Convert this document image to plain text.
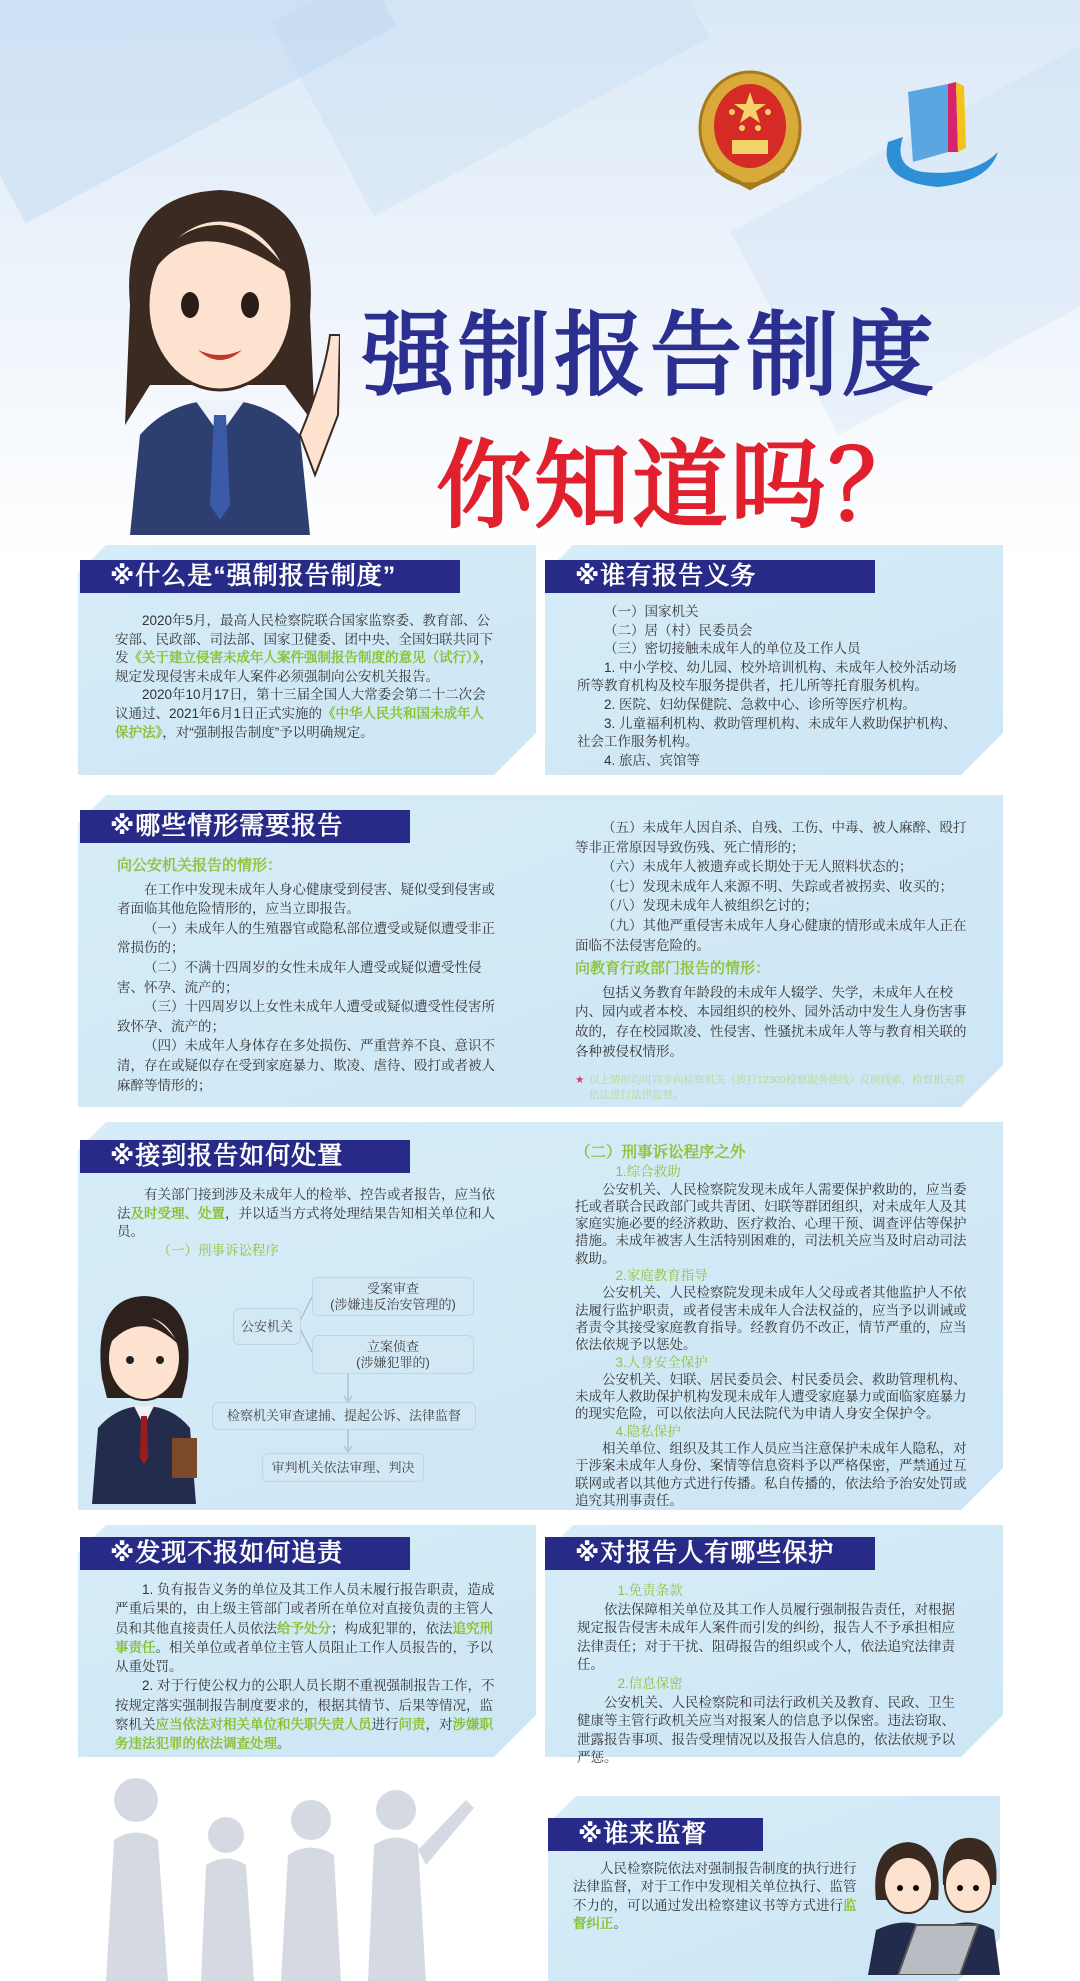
强制报告制度
你知道吗？
※什么是“强制报告制度”

2020年5月，最高人民检察院联合国家监察委、教育部、公安部、民政部、司法部、国家卫健委、团中央、全国妇联共同下发《关于建立侵害未成年人案件强制报告制度的意见（试行）》，规定发现侵害未成年人案件必须强制向公安机关报告。

2020年10月17日，第十三届全国人大常委会第二十二次会议通过、2021年6月1日正式实施的《中华人民共和国未成年人保护法》，对“强制报告制度”予以明确规定。

※谁有报告义务

（一）国家机关

（二）居（村）民委员会

（三）密切接触未成年人的单位及工作人员

1. 中小学校、幼儿园、校外培训机构、未成年人校外活动场所等教育机构及校车服务提供者，托儿所等托育服务机构。

2. 医院、妇幼保健院、急救中心、诊所等医疗机构。

3. 儿童福利机构、救助管理机构、未成年人救助保护机构、社会工作服务机构。

4. 旅店、宾馆等

※哪些情形需要报告

向公安机关报告的情形：

在工作中发现未成年人身心健康受到侵害、疑似受到侵害或者面临其他危险情形的，应当立即报告。

（一）未成年人的生殖器官或隐私部位遭受或疑似遭受非正常损伤的；

（二）不满十四周岁的女性未成年人遭受或疑似遭受性侵害、怀孕、流产的；

（三）十四周岁以上女性未成年人遭受或疑似遭受性侵害所致怀孕、流产的；

（四）未成年人身体存在多处损伤、严重营养不良、意识不清，存在或疑似存在受到家庭暴力、欺凌、虐待、殴打或者被人麻醉等情形的；

（五）未成年人因自杀、自残、工伤、中毒、被人麻醉、殴打等非正常原因导致伤残、死亡情形的；

（六）未成年人被遗弃或长期处于无人照料状态的；

（七）发现未成年人来源不明、失踪或者被拐卖、收买的；

（八）发现未成年人被组织乞讨的；

（九）其他严重侵害未成年人身心健康的情形或未成年人正在面临不法侵害危险的。

向教育行政部门报告的情形：

包括义务教育年龄段的未成年人辍学、失学，未成年人在校内、园内或者本校、本园组织的校外、园外活动中发生人身伤害事故的，存在校园欺凌、性侵害、性骚扰未成年人等与教育相关联的各种被侵权情形。

★ 以上情形均可同步向检察机关（拨打12309检察服务热线）反映线索，检察机关将依法进行法律监督。

※接到报告如何处置

有关部门接到涉及未成年人的检举、控告或者报告，应当依法及时受理、处置，并以适当方式将处理结果告知相关单位和人员。

（一）刑事诉讼程序

公安机关
受案审查
(涉嫌违反治安管理的)
立案侦查
(涉嫌犯罪的)
检察机关审查逮捕、提起公诉、法律监督
审判机关依法审理、判决

（二）刑事诉讼程序之外

1.综合救助

公安机关、人民检察院发现未成年人需要保护救助的，应当委托或者联合民政部门或共青团、妇联等群团组织，对未成年人及其家庭实施必要的经济救助、医疗救治、心理干预、调查评估等保护措施。未成年被害人生活特别困难的，司法机关应当及时启动司法救助。

2.家庭教育指导

公安机关、人民检察院发现未成年人父母或者其他监护人不依法履行监护职责，或者侵害未成年人合法权益的，应当予以训诫或者责令其接受家庭教育指导。经教育仍不改正，情节严重的，应当依法依规予以惩处。

3.人身安全保护

公安机关、妇联、居民委员会、村民委员会、救助管理机构、未成年人救助保护机构发现未成年人遭受家庭暴力或面临家庭暴力的现实危险，可以依法向人民法院代为申请人身安全保护令。

4.隐私保护

相关单位、组织及其工作人员应当注意保护未成年人隐私，对于涉案未成年人身份、案情等信息资料予以严格保密，严禁通过互联网或者以其他方式进行传播。私自传播的，依法给予治安处罚或追究其刑事责任。

※发现不报如何追责

1. 负有报告义务的单位及其工作人员未履行报告职责，造成严重后果的，由上级主管部门或者所在单位对直接负责的主管人员和其他直接责任人员依法给予处分；构成犯罪的，依法追究刑事责任。相关单位或者单位主管人员阻止工作人员报告的，予以从重处罚。

2. 对于行使公权力的公职人员长期不重视强制报告工作，不按规定落实强制报告制度要求的，根据其情节、后果等情况，监察机关应当依法对相关单位和失职失责人员进行问责，对涉嫌职务违法犯罪的依法调查处理。

※对报告人有哪些保护

1.免责条款

依法保障相关单位及其工作人员履行强制报告责任，对根据规定报告侵害未成年人案件而引发的纠纷，报告人不予承担相应法律责任；对于干扰、阻碍报告的组织或个人，依法追究法律责任。

2.信息保密

公安机关、人民检察院和司法行政机关及教育、民政、卫生健康等主管行政机关应当对报案人的信息予以保密。违法窃取、泄露报告事项、报告受理情况以及报告人信息的，依法依规予以严惩。

※谁来监督

人民检察院依法对强制报告制度的执行进行法律监督，对于工作中发现相关单位执行、监管不力的，可以通过发出检察建议书等方式进行监督纠正。
